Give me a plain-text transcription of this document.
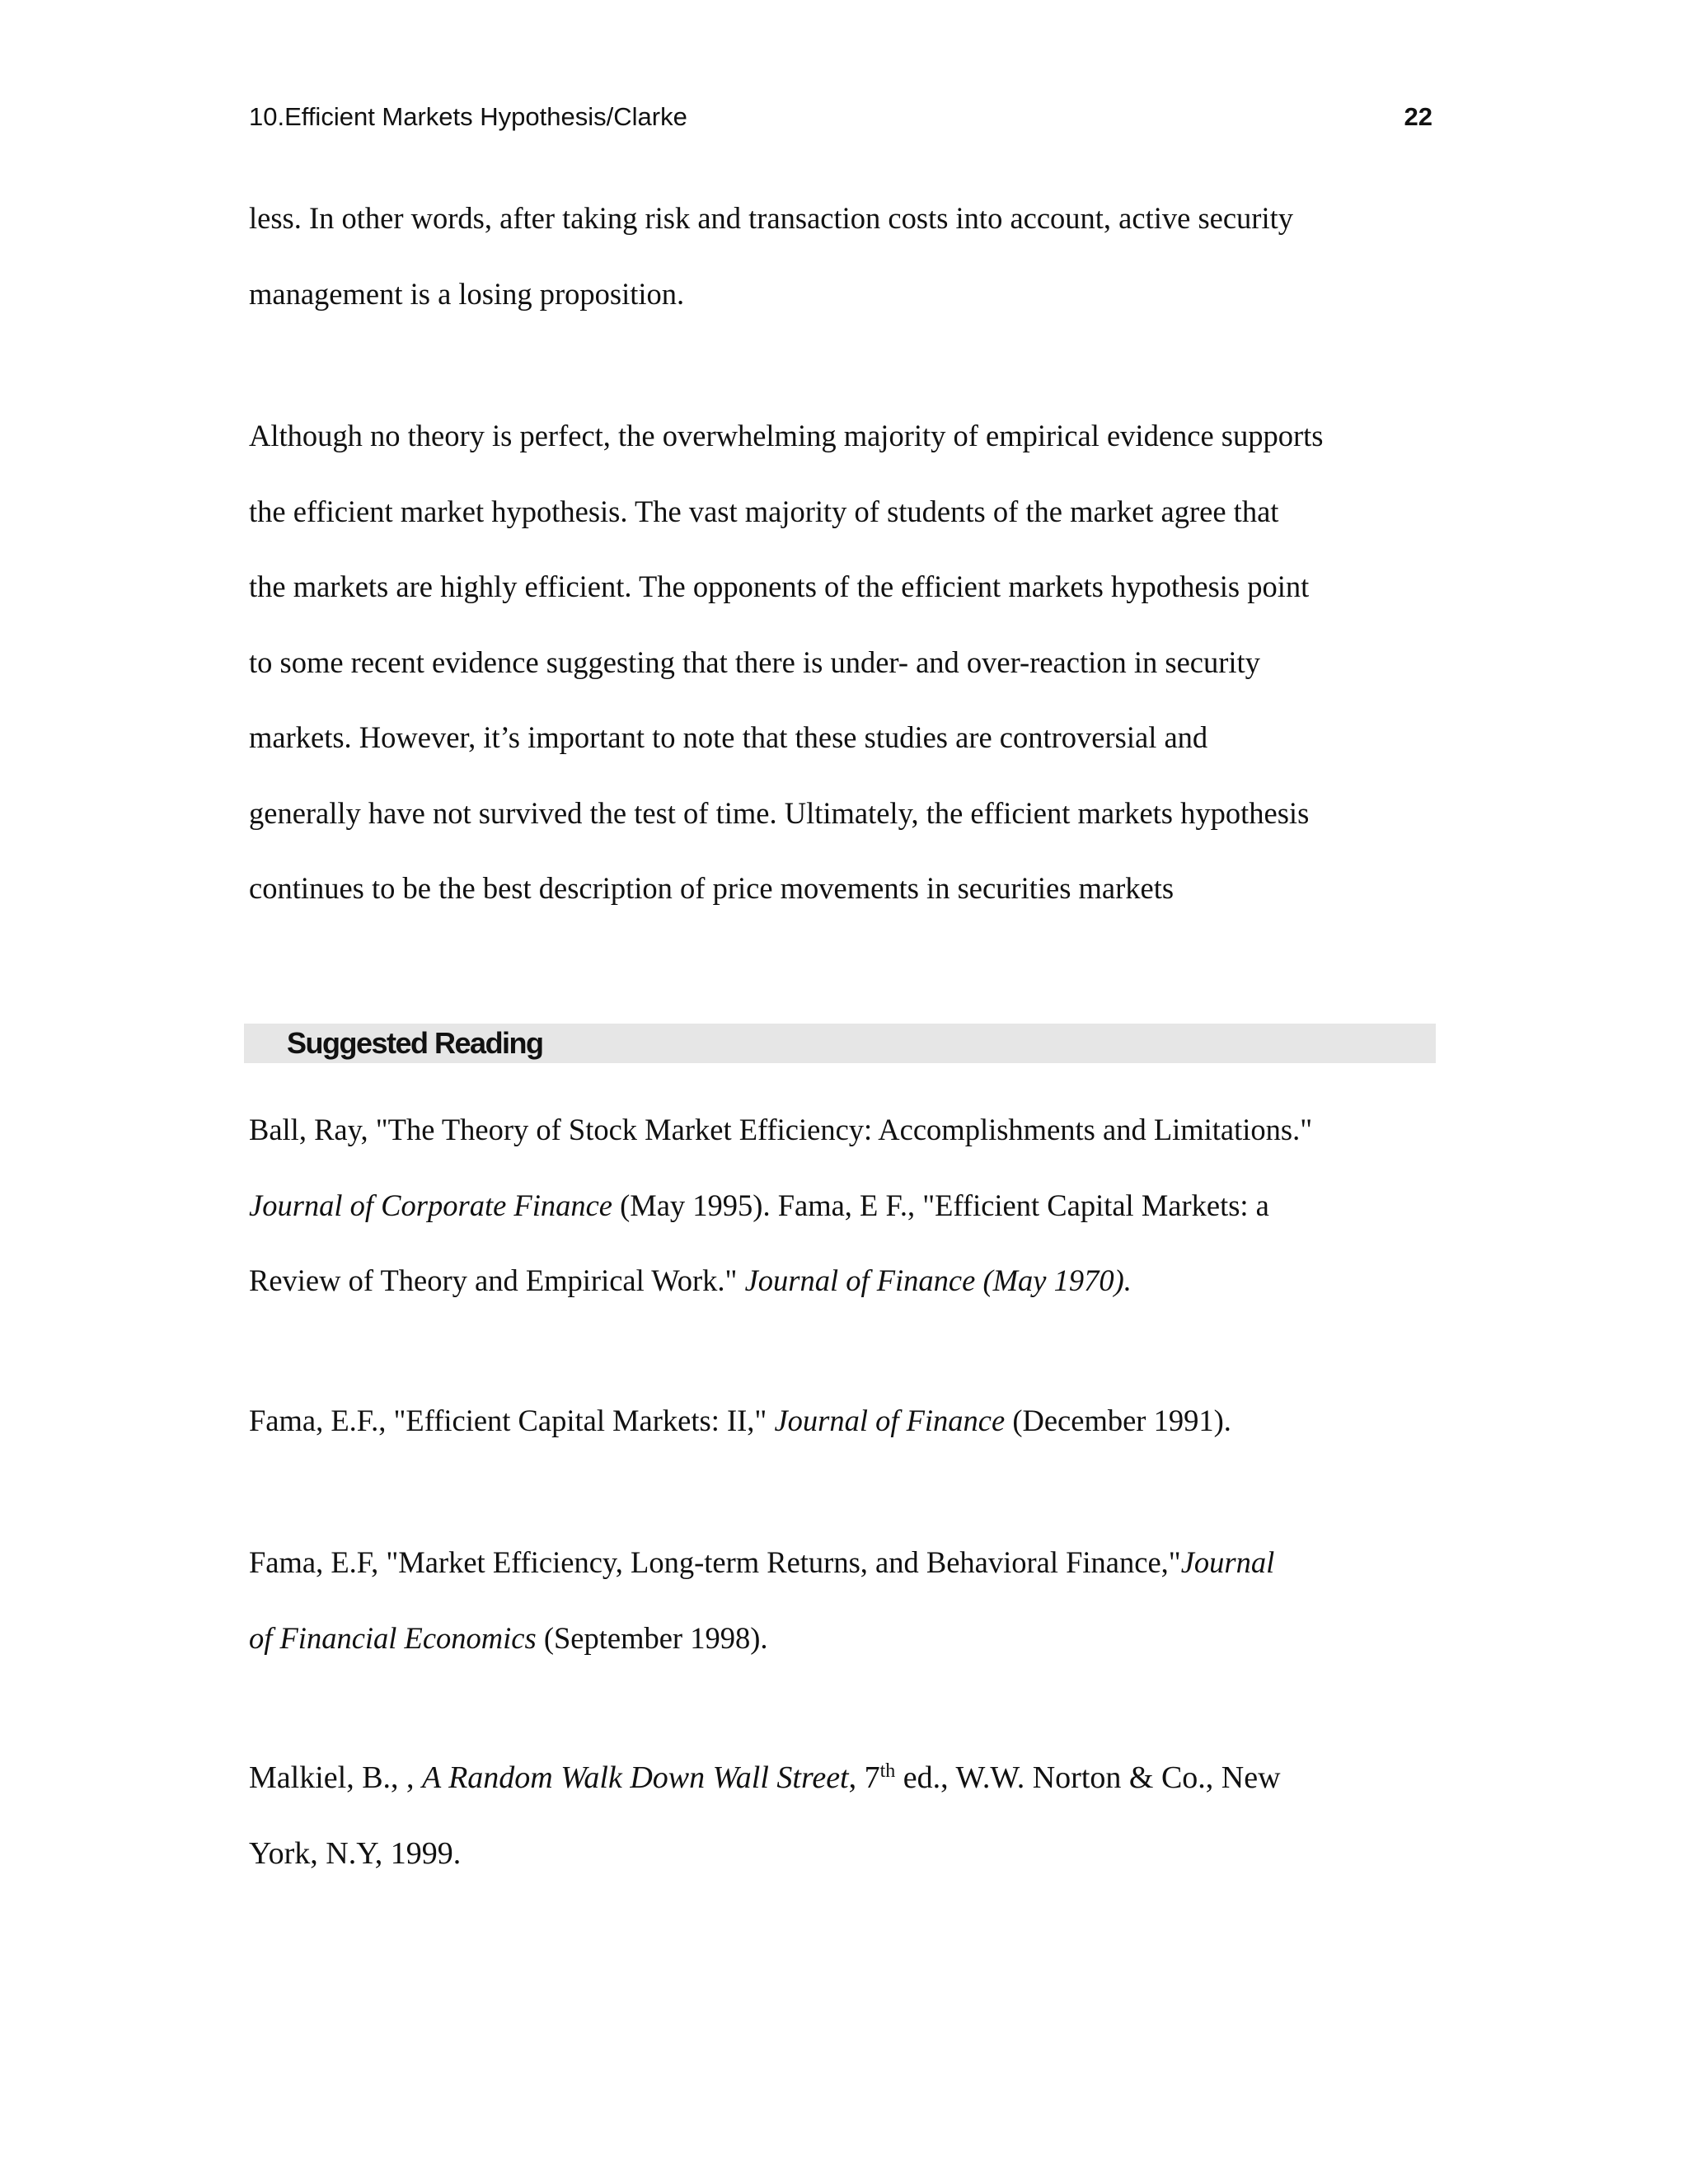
10.Efficient Markets Hypothesis/Clarke	22
less. In other words, after taking risk and transaction costs into account, active security
management is a losing proposition.
Although no theory is perfect, the overwhelming majority of empirical evidence supports
the efficient market hypothesis. The vast majority of students of the market agree that
the markets are highly efficient. The opponents of the efficient markets hypothesis point
to some recent evidence suggesting that there is under- and over-reaction in security
markets. However, it’s important to note that these studies are controversial and
generally have not survived the test of time. Ultimately, the efficient markets hypothesis
continues to be the best description of price movements in securities markets
Suggested Reading
Ball, Ray, "The Theory of Stock Market Efficiency: Accomplishments and Limitations."
Journal of Corporate Finance (May 1995). Fama, E F., "Efficient Capital Markets: a
Review of Theory and Empirical Work." Journal of Finance (May 1970).
Fama, E.F., "Efficient Capital Markets: II," Journal of Finance (December 1991).
Fama, E.F, "Market Efficiency, Long-term Returns, and Behavioral Finance,"Journal
of Financial Economics (September 1998).
Malkiel, B., , A Random Walk Down Wall Street, 7th ed., W.W. Norton & Co., New
York, N.Y, 1999.
